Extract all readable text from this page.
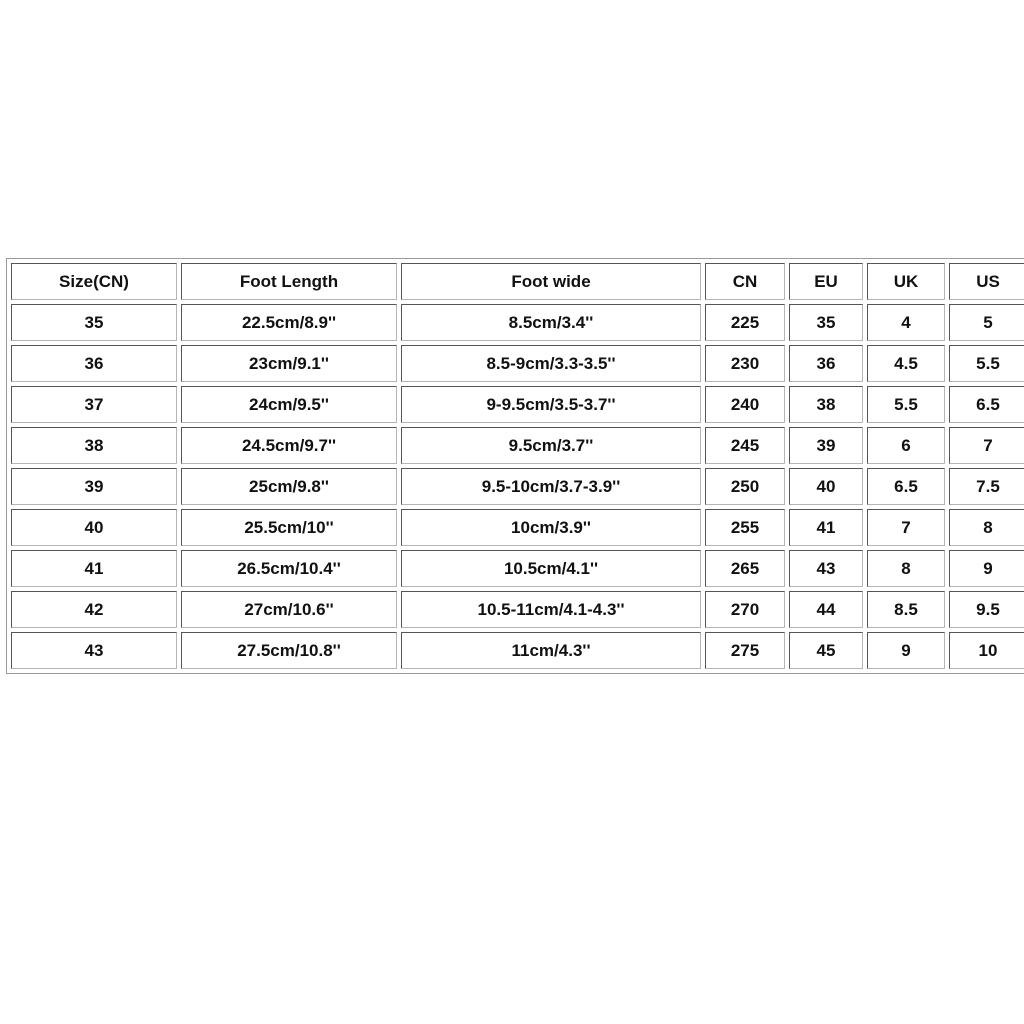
Size(CN)	Foot Length	Foot wide	CN	EU	UK	US
35	22.5cm/8.9''	8.5cm/3.4''	225	35	4	5
36	23cm/9.1''	8.5-9cm/3.3-3.5''	230	36	4.5	5.5
37	24cm/9.5''	9-9.5cm/3.5-3.7''	240	38	5.5	6.5
38	24.5cm/9.7''	9.5cm/3.7''	245	39	6	7
39	25cm/9.8''	9.5-10cm/3.7-3.9''	250	40	6.5	7.5
40	25.5cm/10''	10cm/3.9''	255	41	7	8
41	26.5cm/10.4''	10.5cm/4.1''	265	43	8	9
42	27cm/10.6''	10.5-11cm/4.1-4.3''	270	44	8.5	9.5
43	27.5cm/10.8''	11cm/4.3''	275	45	9	10
